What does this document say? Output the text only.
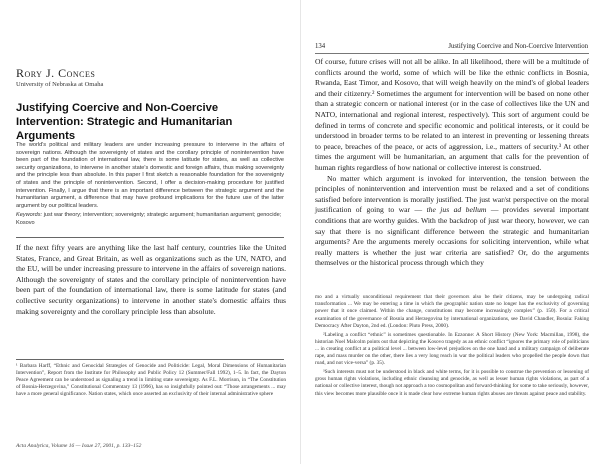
Rory J. Conces
University of Nebraska at Omaha
Justifying Coercive and Non-Coercive Intervention: Strategic and Humanitarian Arguments
The world's political and military leaders are under increasing pressure to intervene in the affairs of sovereign nations. Although the sovereignty of states and the corollary principle of nonintervention have been part of the foundation of international law, there is some latitude for states, as well as collective security organizations, to intervene in another state's domestic and foreign affairs, thus making sovereignty and the principle less than absolute. In this paper I first sketch a reasonable foundation for the sovereignty of states and the principle of nonintervention. Second, I offer a decision-making procedure for justified intervention. Finally, I argue that there is an important difference between the strategic argument and the humanitarian argument, a difference that may have profound implications for the future use of the latter argument by our political leaders.
Keywords: just war theory; intervention; sovereignty; strategic argument; humanitarian argument; genocide; Kosovo
If the next fifty years are anything like the last half century, countries like the United States, France, and Great Britain, as well as organizations such as the UN, NATO, and the EU, will be under increasing pressure to intervene in the affairs of sovereign nations. Although the sovereignty of states and the corollary principle of nonintervention have been part of the foundation of international law, there is some latitude for states (and collective security organizations) to intervene in another state's domestic affairs thus making sovereignty and the corollary principle less than absolute.
¹ Barbara Harff, “Ethnic and Genocidal Strategies of Genocide and Politicide: Legal, Moral Dimensions of Humanitarian Intervention”, Report from the Institute for Philosophy and Public Policy 12 (Summer/Fall 1992), 1–5. In fact, the Dayton Peace Agreement can be understood as signaling a trend in limiting state sovereignty. As F.L. Morrison, in “The Constitution of Bosnia-Herzegovina,” Constitutional Commentary 13 (1996), has so insightfully pointed out: “Those arrangements ... may have a more general significance. Nation states, which once asserted an exclusivity of their internal administrative sphere
Acta Analytica, Volume 16 — Issue 27, 2001, p. 133–152
134	Justifying Coercive and Non-Coercive Intervention

Of course, future crises will not all be alike. In all likelihood, there will be a multitude of conflicts around the world, some of which will be like the ethnic conflicts in Bosnia, Rwanda, East Timor, and Kosovo, that will weigh heavily on the mind's of global leaders and their citizenry.² Sometimes the argument for intervention will be based on none other than a strategic concern or national interest (or in the case of collectives like the UN and NATO, international and regional interest, respectively). This sort of argument could be defined in terms of concrete and specific economic and political interests, or it could be understood in broader terms to be related to an interest in preventing or lessening threats to peace, breaches of the peace, or acts of aggression, i.e., matters of security.³ At other times the argument will be humanitarian, an argument that calls for the prevention of human rights regardless of how national or collective interest is construed.

No matter which argument is invoked for intervention, the tension between the principles of nonintervention and intervention must be relaxed and a set of conditions satisfied before intervention is morally justified. The just war/st perspective on the moral justification of going to war — the jus ad bellum — provides several important conditions that are worthy guides. With the backdrop of just war theory, however, we can say that there is no significant difference between the strategic and humanitarian arguments? Are the arguments merely occasions for soliciting intervention, while what really matters is whether the just war criteria are satisfied? Or, do the arguments themselves or the historical process through which they

mo and a virtually unconditional requirement that their governors also be their citizens, may be undergoing radical transformation ... We may be entering a time in which the geographic nation state no longer has the exclusivity of governing power that it once claimed. Within the change, constitutions may become increasingly complex” (p. 150). For a critical examination of the governance of Bosnia and Herzegovina by international organizations, see David Chandler, Bosnia: Faking Democracy After Dayton, 2nd ed. (London: Pluto Press, 2000).

²Labeling a conflict “ethnic” is sometimes questionable. In Ezzonne: A Short History (New York: Macmillan, 1998), the historian Noel Malcolm points out that depicting the Kosovo tragedy as an ethnic conflict “ignores the primary role of politicians ... in creating conflict at a political level ... between low-level prejudices on the one hand and a military campaign of deliberate rape, and mass murder on the other, there lies a very long reach in war the political leaders who propelled the people down that road, and not vice-versa” (p. 35).

³Such interests must not be understood in black and white terms, for it is possible to construe the prevention or lessening of gross human rights violations, including ethnic cleansing and genocide, as well as lesser human rights violations, as part of a national or collective interest, though not approach a too cosmopolitan and forward-thinking for some to take seriously, however, this view becomes more plausible once it is made clear how extreme human rights abuses are threats against peace and stability.
